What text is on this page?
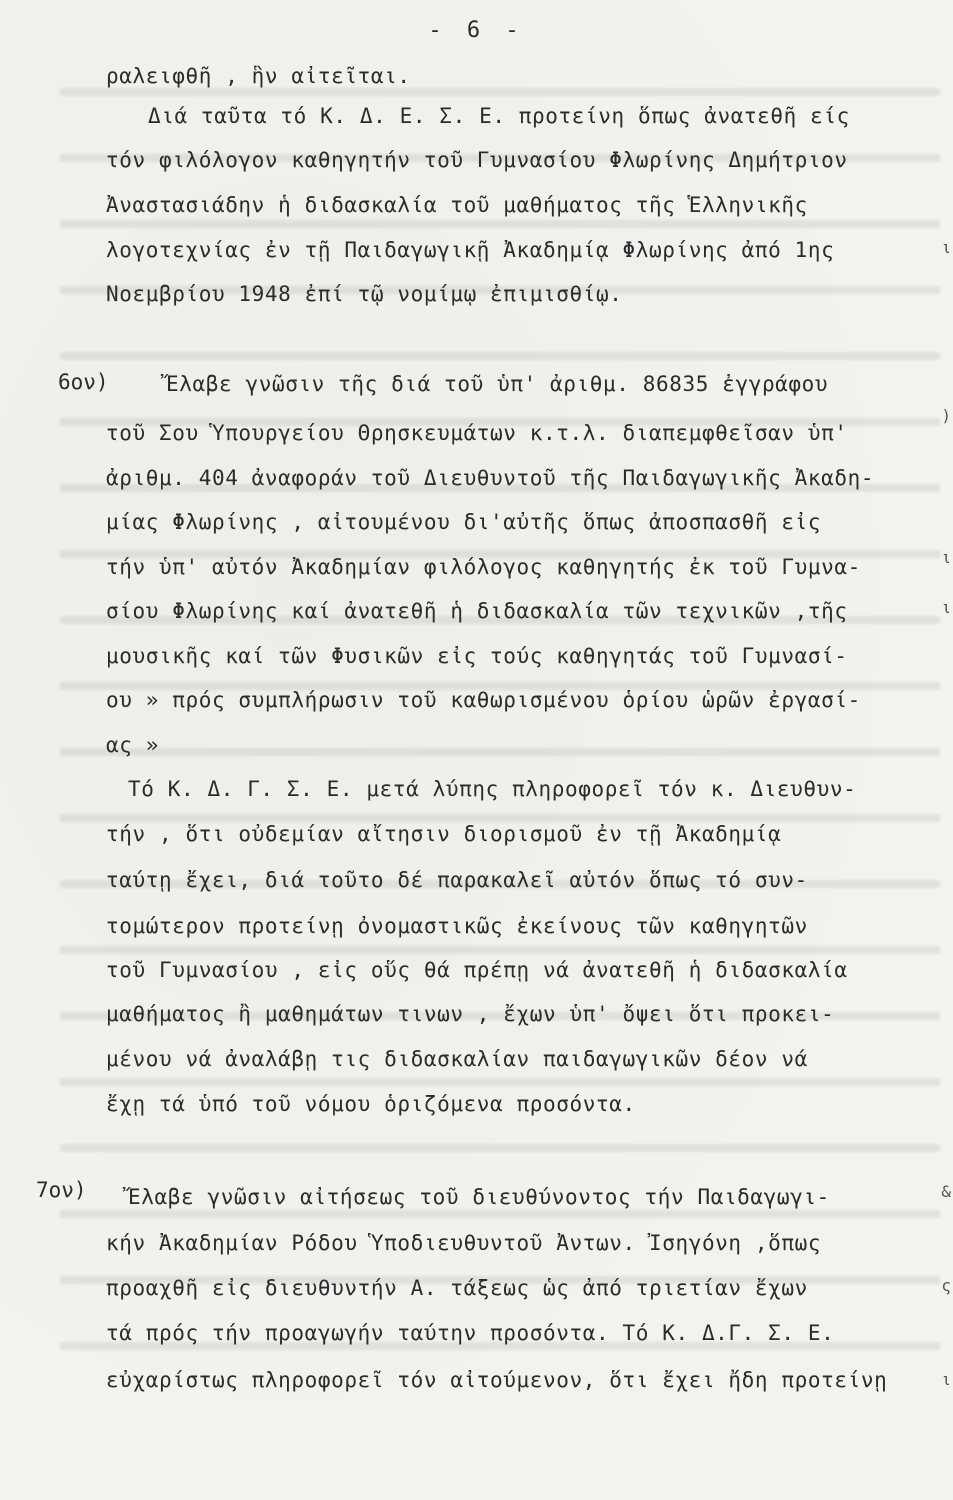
- 6 -
ραλειφθῆ , ἣν αἰτεῖται.
Διά ταῦτα τό Κ. Δ. Ε. Σ. Ε. προτείνη ὅπως ἀνατεθῆ είς
τόν φιλόλογον καθηγητήν τοῦ Γυμνασίου Φλωρίνης Δημήτριον
Ἀναστασιάδην ἡ διδασκαλία τοῦ μαθήματος τῆς Ἑλληνικῆς
λογοτεχνίας ἐν τῇ Παιδαγωγικῇ Ἀκαδημίᾳ Φλωρίνης ἀπό 1ης
Νοεμβρίου 1948 ἐπί τῷ νομίμῳ ἐπιμισθίῳ.
6ον)	Ἔλαβε γνῶσιν τῆς διά τοῦ ὑπ' ἀριθμ. 86835 ἐγγράφου
τοῦ Σου Ὑπουργείου Θρησκευμάτων κ.τ.λ. διαπεμφθεῖσαν ὑπ'
ἀριθμ. 404 ἀναφοράν τοῦ Διευθυντοῦ τῆς Παιδαγωγικῆς Ἀκαδη-
μίας Φλωρίνης , αἰτουμένου δι'αὐτῆς ὅπως ἀποσπασθῆ εἰς
τήν ὑπ' αὐτόν Ἀκαδημίαν φιλόλογος καθηγητής ἐκ τοῦ Γυμνα-
σίου Φλωρίνης καί ἀνατεθῆ ἡ διδασκαλία τῶν τεχνικῶν ,τῆς
μουσικῆς καί τῶν Φυσικῶν εἰς τούς καθηγητάς τοῦ Γυμνασί-
ου » πρός συμπλήρωσιν τοῦ καθωρισμένου ὁρίου ὡρῶν ἐργασί-
ας »
Τό Κ. Δ. Γ. Σ. Ε. μετά λύπης πληροφορεῖ τόν κ. Διευθυν-
τήν , ὅτι οὐδεμίαν αἴτησιν διορισμοῦ ἐν τῇ Ἀκαδημίᾳ
ταύτῃ ἔχει, διά τοῦτο δέ παρακαλεῖ αὐτόν ὅπως τό συν-
τομώτερον προτείνῃ ὀνομαστικῶς ἐκείνους τῶν καθηγητῶν
τοῦ Γυμνασίου , εἰς οὕς θά πρέπῃ νά ἀνατεθῆ ἡ διδασκαλία
μαθήματος ἢ μαθημάτων τινων , ἔχων ὑπ' ὄψει ὅτι προκει-
μένου νά ἀναλάβῃ τις διδασκαλίαν παιδαγωγικῶν δέον νά
ἔχῃ τά ὑπό τοῦ νόμου ὁριζόμενα προσόντα.
7ον) Ἔλαβε γνῶσιν αἰτήσεως τοῦ διευθύνοντος τήν Παιδαγωγι-
κήν Ἀκαδημίαν Ρόδου Ὑποδιευθυντοῦ Ἀντων. Ἰσηγόνη ,ὅπως
προαχθῆ εἰς διευθυντήν Α. τάξεως ὡς ἀπό τριετίαν ἔχων
τά πρός τήν προαγωγήν ταύτην προσόντα. Τό Κ. Δ.Γ. Σ. Ε.
εὐχαρίστως πληροφορεῖ τόν αἰτούμενον, ὅτι ἔχει ἤδη προτείνῃ
ι
)
ι
ι
&
ς
ι
